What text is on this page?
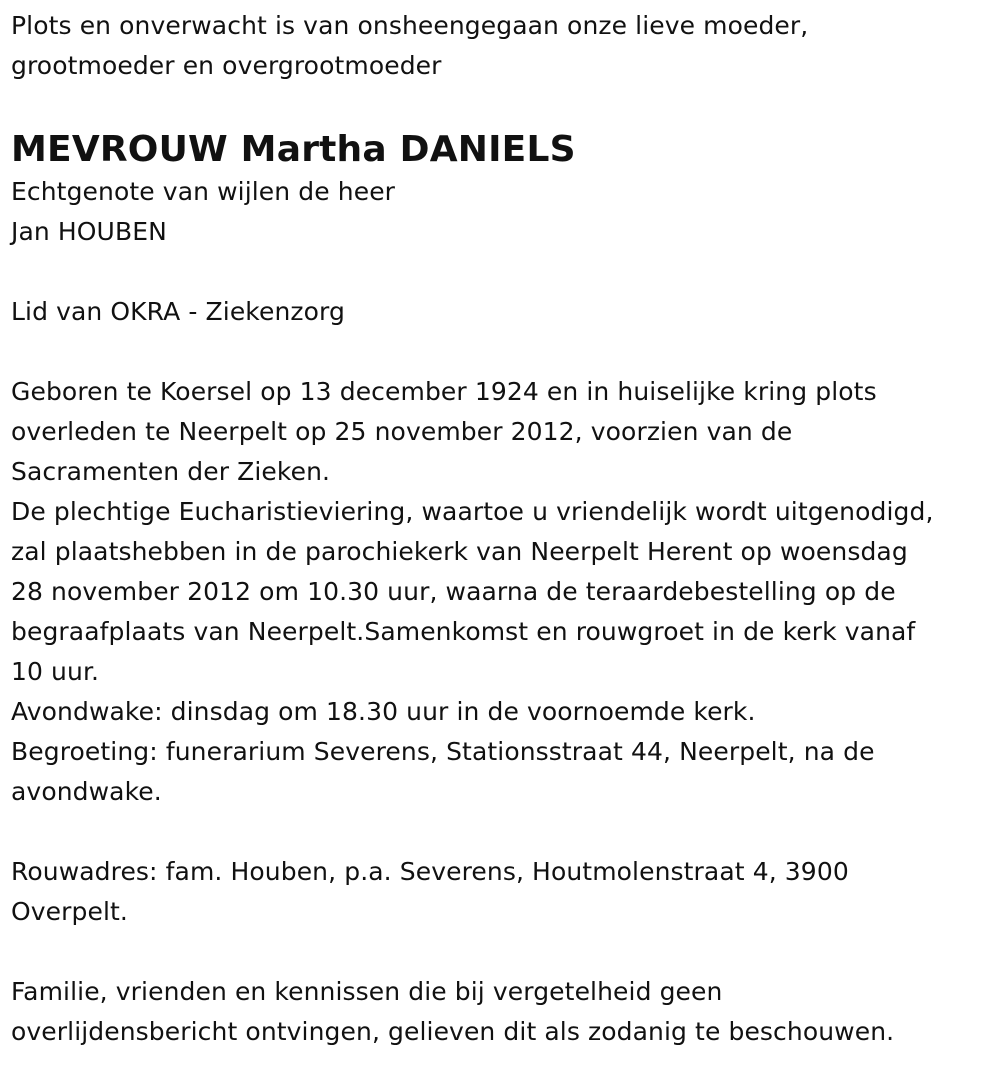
Plots en onverwacht is van onsheengegaan onze lieve moeder,
grootmoeder en overgrootmoeder
MEVROUW Martha DANIELS
Echtgenote van wijlen de heer
Jan HOUBEN
Lid van OKRA - Ziekenzorg
Geboren te Koersel op 13 december 1924 en in huiselijke kring plots
overleden te Neerpelt op 25 november 2012, voorzien van de
Sacramenten der Zieken.
De plechtige Eucharistieviering, waartoe u vriendelijk wordt uitgenodigd,
zal plaatshebben in de parochiekerk van Neerpelt Herent op woensdag
28 november 2012 om 10.30 uur, waarna de teraardebestelling op de
begraafplaats van Neerpelt.Samenkomst en rouwgroet in de kerk vanaf
10 uur.
Avondwake: dinsdag om 18.30 uur in de voornoemde kerk.
Begroeting: funerarium Severens, Stationsstraat 44, Neerpelt, na de
avondwake.
Rouwadres: fam. Houben, p.a. Severens, Houtmolenstraat 4, 3900
Overpelt.
Familie, vrienden en kennissen die bij vergetelheid geen
overlijdensbericht ontvingen, gelieven dit als zodanig te beschouwen.
